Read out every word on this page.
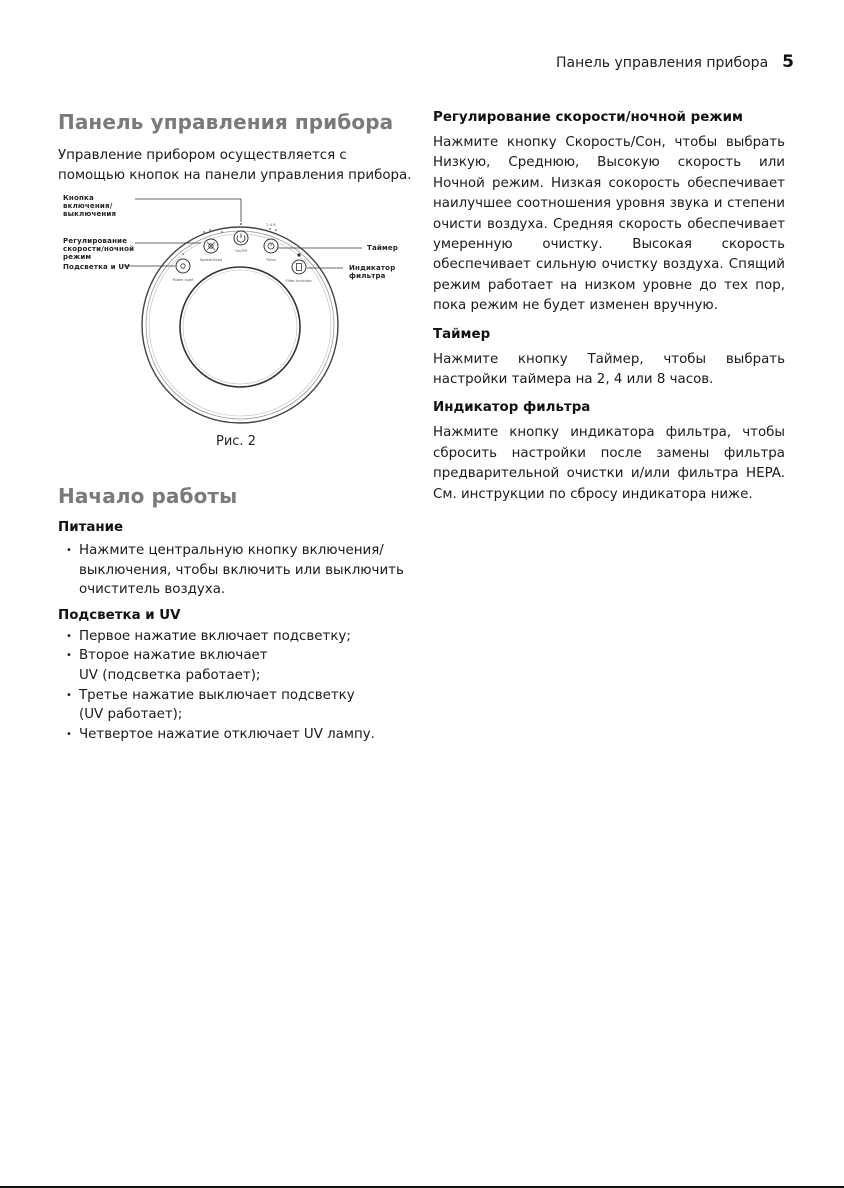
Панель управления прибора 5
Панель управления прибора

Управление прибором осуществляется с помощью кнопок на панели управления прибора.

Power Light
Speed/Sleep
On/Off
Timer
Filter Indicator
2 4 8
Кнопка включения/ выключения
Регулирование скорости/ночной режим
Подсветка и UV
Таймер
Индикатор фильтра
Рис. 2
Начало работы
Питание
• Нажмите центральную кнопку включения/ выключения, чтобы включить или выключить очиститель воздуха.
Подсветка и UV
• Первое нажатие включает подсветку;
• Второе нажатие включает UV (подсветка работает);
• Третье нажатие выключает подсветку (UV работает);
• Четвертое нажатие отключает UV лампу.
Регулирование скорости/ночной режим

Нажмите кнопку Скорость/Сон, чтобы выбрать Низкую, Среднюю, Высокую скорость или Ночной режим. Низкая сокорость обеспечивает наилучшее соотношения уровня звука и степени очисти воздуха. Средняя скорость обеспечивает умеренную очистку. Высокая скорость обеспечивает сильную очистку воздуха. Спящий режим работает на низком уровне до тех пор, пока режим не будет изменен вручную.

Таймер

Нажмите кнопку Таймер, чтобы выбрать настройки таймера на 2, 4 или 8 часов.

Индикатор фильтра

Нажмите кнопку индикатора фильтра, чтобы сбросить настройки после замены фильтра предварительной очистки и/или фильтра HEPA. См. инструкции по сбросу индикатора ниже.
